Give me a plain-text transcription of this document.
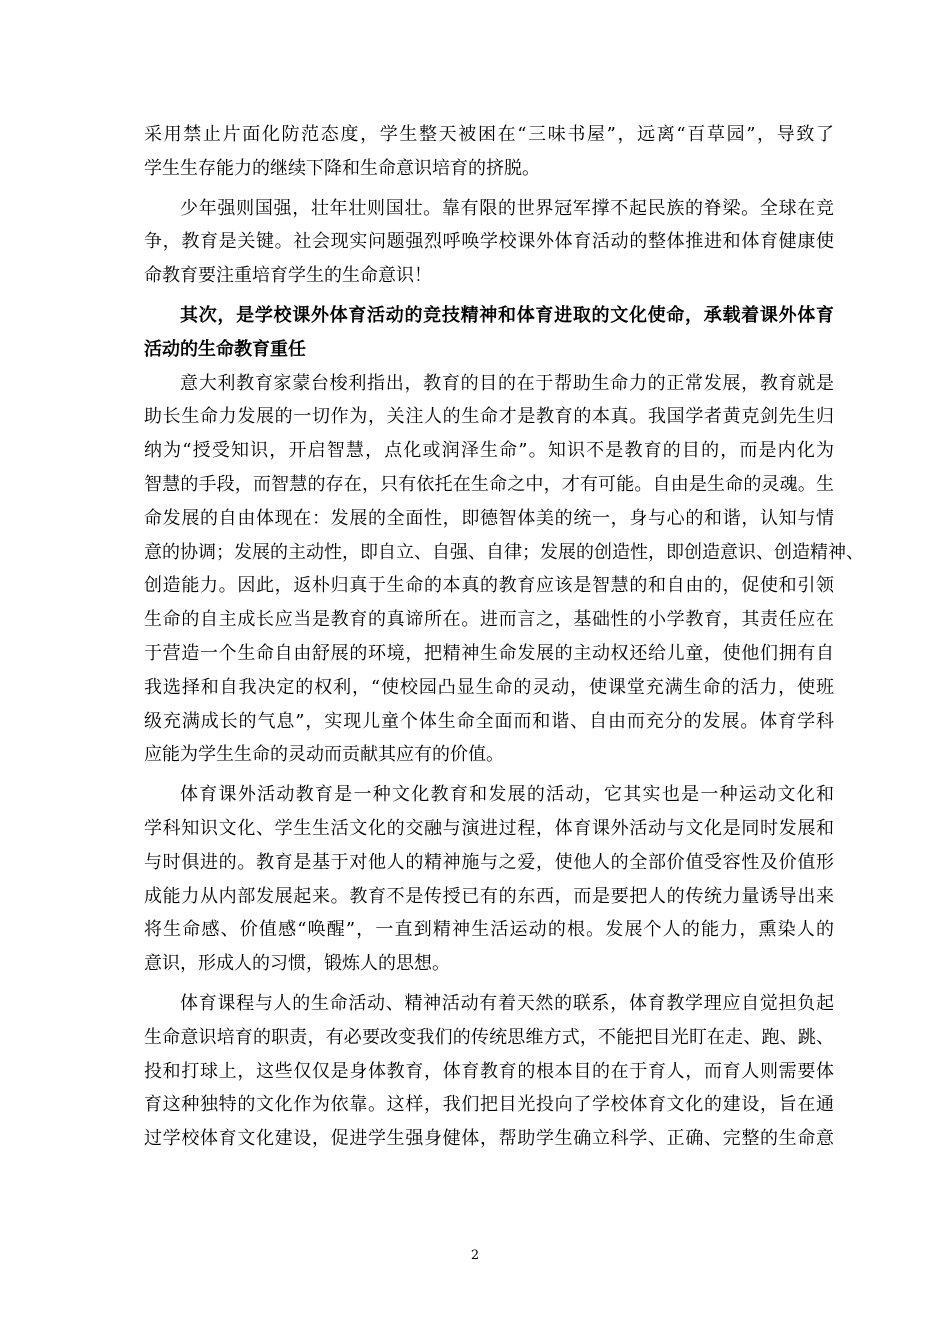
采用禁止片面化防范态度，学生整天被困在“三味书屋”，远离“百草园”，导致了
学生生存能力的继续下降和生命意识培育的挤脱。
少年强则国强，壮年壮则国壮。靠有限的世界冠军撑不起民族的脊梁。全球在竞
争，教育是关键。社会现实问题强烈呼唤学校课外体育活动的整体推进和体育健康使
命教育要注重培育学生的生命意识！
其次，是学校课外体育活动的竞技精神和体育进取的文化使命，承载着课外体育
活动的生命教育重任
意大利教育家蒙台梭利指出，教育的目的在于帮助生命力的正常发展，教育就是
助长生命力发展的一切作为，关注人的生命才是教育的本真。我国学者黄克剑先生归
纳为“授受知识，开启智慧，点化或润泽生命”。知识不是教育的目的，而是内化为
智慧的手段，而智慧的存在，只有依托在生命之中，才有可能。自由是生命的灵魂。生
命发展的自由体现在：发展的全面性，即德智体美的统一，身与心的和谐，认知与情
意的协调；发展的主动性，即自立、自强、自律；发展的创造性，即创造意识、创造精神、
创造能力。因此，返朴归真于生命的本真的教育应该是智慧的和自由的，促使和引领
生命的自主成长应当是教育的真谛所在。进而言之，基础性的小学教育，其责任应在
于营造一个生命自由舒展的环境，把精神生命发展的主动权还给儿童，使他们拥有自
我选择和自我决定的权利，“使校园凸显生命的灵动，使课堂充满生命的活力，使班
级充满成长的气息”，实现儿童个体生命全面而和谐、自由而充分的发展。体育学科
应能为学生生命的灵动而贡献其应有的价值。
体育课外活动教育是一种文化教育和发展的活动，它其实也是一种运动文化和
学科知识文化、学生生活文化的交融与演进过程，体育课外活动与文化是同时发展和
与时俱进的。教育是基于对他人的精神施与之爱，使他人的全部价值受容性及价值形
成能力从内部发展起来。教育不是传授已有的东西，而是要把人的传统力量诱导出来
将生命感、价值感“唤醒”，一直到精神生活运动的根。发展个人的能力，熏染人的
意识，形成人的习惯，锻炼人的思想。
体育课程与人的生命活动、精神活动有着天然的联系，体育教学理应自觉担负起
生命意识培育的职责，有必要改变我们的传统思维方式，不能把目光盯在走、跑、跳、
投和打球上，这些仅仅是身体教育，体育教育的根本目的在于育人，而育人则需要体
育这种独特的文化作为依靠。这样，我们把目光投向了学校体育文化的建设，旨在通
过学校体育文化建设，促进学生强身健体，帮助学生确立科学、正确、完整的生命意
2
